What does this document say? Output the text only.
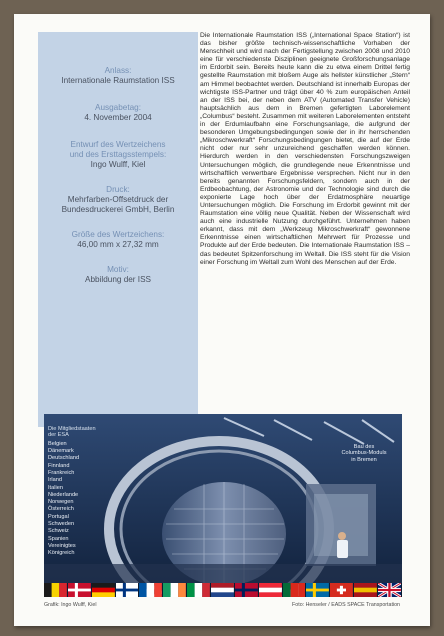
Anlass:
Internationale Raumstation ISS
Ausgabetag:
4. November 2004
Entwurf des Wertzeichens
und des Ersttagsstempels:
Ingo Wulff, Kiel
Druck:
Mehrfarben-Offsetdruck der
Bundesdruckerei GmbH, Berlin
Größe des Wertzeichens:
46,00 mm x 27,32 mm
Motiv:
Abbildung der ISS
Die Internationale Raumstation ISS („International Space Station“) ist das bisher größte technisch-wissenschaftliche Vorhaben der Menschheit und wird nach der Fertigstellung zwischen 2008 und 2010 eine für verschiedenste Disziplinen geeignete Großforschungsanlage im Erdorbit sein. Bereits heute kann die zu etwa einem Drittel fertig gestellte Raumstation mit bloßem Auge als hellster künstlicher „Stern“ am Himmel beobachtet werden. Deutschland ist innerhalb Europas der wichtigste ISS-Partner und trägt über 40 % zum europäischen Anteil an der ISS bei, der neben dem ATV (Automated Transfer Vehicle) hauptsächlich aus dem in Bremen gefertigten Laborelement „Columbus“ besteht. Zusammen mit weiteren Laborelementen entsteht in der Erdumlaufbahn eine Forschungsanlage, die aufgrund der besonderen Umgebungsbedingungen sowie der in ihr herrschenden „Mikroschwerkraft“ Forschungsbedingungen bietet, die auf der Erde nicht oder nur sehr unzureichend geschaffen werden können. Hierdurch werden in den verschiedensten Forschungszweigen Untersuchungen möglich, die grundlegende neue Erkenntnisse und wirtschaftlich verwertbare Ergebnisse versprechen. Nicht nur in den bereits genannten Forschungsfeldern, sondern auch in der Erdbeobachtung, der Astronomie und der Technologie sind durch die exponierte Lage hoch über der Erdatmosphäre neuartige Untersuchungen möglich. Die Forschung im Erdorbit gewinnt mit der Raumstation eine völlig neue Qualität. Neben der Wissenschaft wird auch eine industrielle Nutzung durchgeführt. Unternehmen haben erkannt, dass mit dem „Werkzeug Mikroschwerkraft“ gewonnene Erkenntnisse einen wirtschaftlichen Mehrwert für Prozesse und Produkte auf der Erde bedeuten. Die Internationale Raumstation ISS – das bedeutet Spitzenforschung im Weltall. Die ISS steht für die Vision einer Forschung im Weltall zum Wohl des Menschen auf der Erde.
Die Mitgliedstaaten
der ESA
Belgien
Dänemark
Deutschland
Finnland
Frankreich
Irland
Italien
Niederlande
Norwegen
Österreich
Portugal
Schweden
Schweiz
Spanien
Vereinigtes
Königreich
Bau des
Columbus-Moduls
in Bremen
Grafik: Ingo Wulff, Kiel	Foto: Henseler / EADS SPACE Transportation
